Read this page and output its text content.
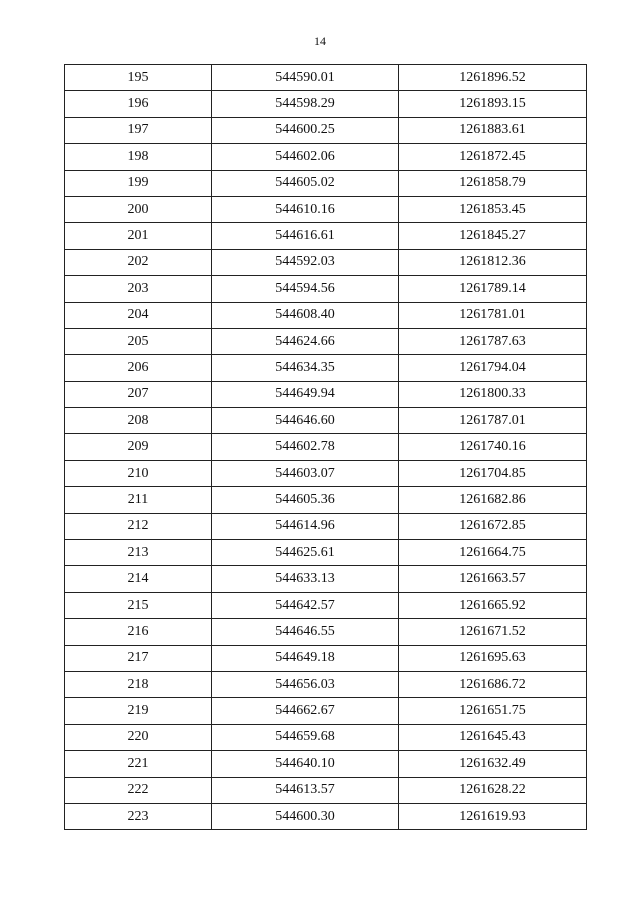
14
195	544590.01	1261896.52
196	544598.29	1261893.15
197	544600.25	1261883.61
198	544602.06	1261872.45
199	544605.02	1261858.79
200	544610.16	1261853.45
201	544616.61	1261845.27
202	544592.03	1261812.36
203	544594.56	1261789.14
204	544608.40	1261781.01
205	544624.66	1261787.63
206	544634.35	1261794.04
207	544649.94	1261800.33
208	544646.60	1261787.01
209	544602.78	1261740.16
210	544603.07	1261704.85
211	544605.36	1261682.86
212	544614.96	1261672.85
213	544625.61	1261664.75
214	544633.13	1261663.57
215	544642.57	1261665.92
216	544646.55	1261671.52
217	544649.18	1261695.63
218	544656.03	1261686.72
219	544662.67	1261651.75
220	544659.68	1261645.43
221	544640.10	1261632.49
222	544613.57	1261628.22
223	544600.30	1261619.93
